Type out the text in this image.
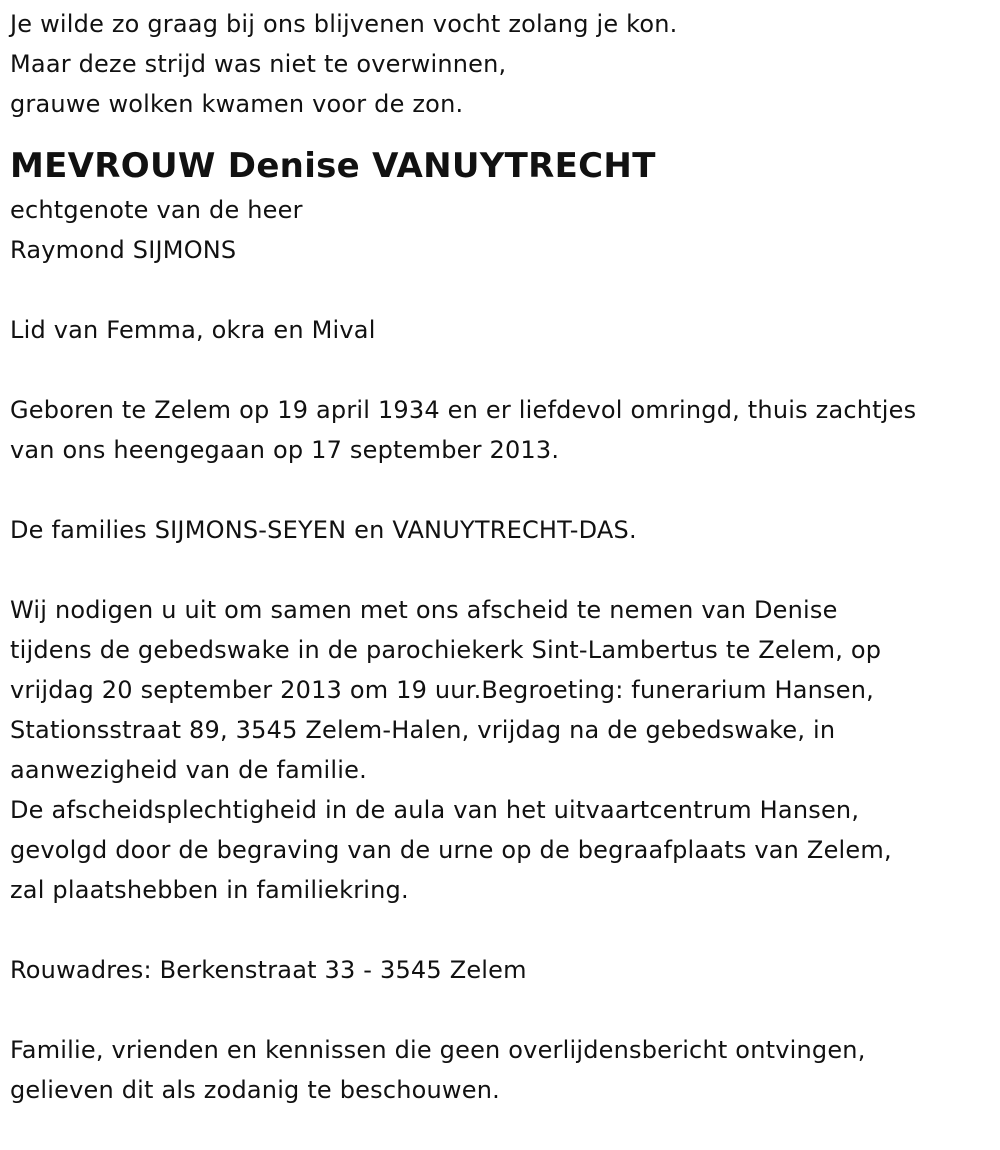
Je wilde zo graag bij ons blijvenen vocht zolang je kon.
Maar deze strijd was niet te overwinnen,
grauwe wolken kwamen voor de zon.
MEVROUW Denise VANUYTRECHT
echtgenote van de heer
Raymond SIJMONS
Lid van Femma, okra en Mival
Geboren te Zelem op 19 april 1934 en er liefdevol omringd, thuis zachtjes
van ons heengegaan op 17 september 2013.
De families SIJMONS-SEYEN en VANUYTRECHT-DAS.
Wij nodigen u uit om samen met ons afscheid te nemen van Denise
tijdens de gebedswake in de parochiekerk Sint-Lambertus te Zelem, op
vrijdag 20 september 2013 om 19 uur.Begroeting: funerarium Hansen,
Stationsstraat 89, 3545 Zelem-Halen, vrijdag na de gebedswake, in
aanwezigheid van de familie.
De afscheidsplechtigheid in de aula van het uitvaartcentrum Hansen,
gevolgd door de begraving van de urne op de begraafplaats van Zelem,
zal plaatshebben in familiekring.
Rouwadres: Berkenstraat 33 - 3545 Zelem
Familie, vrienden en kennissen die geen overlijdensbericht ontvingen,
gelieven dit als zodanig te beschouwen.
